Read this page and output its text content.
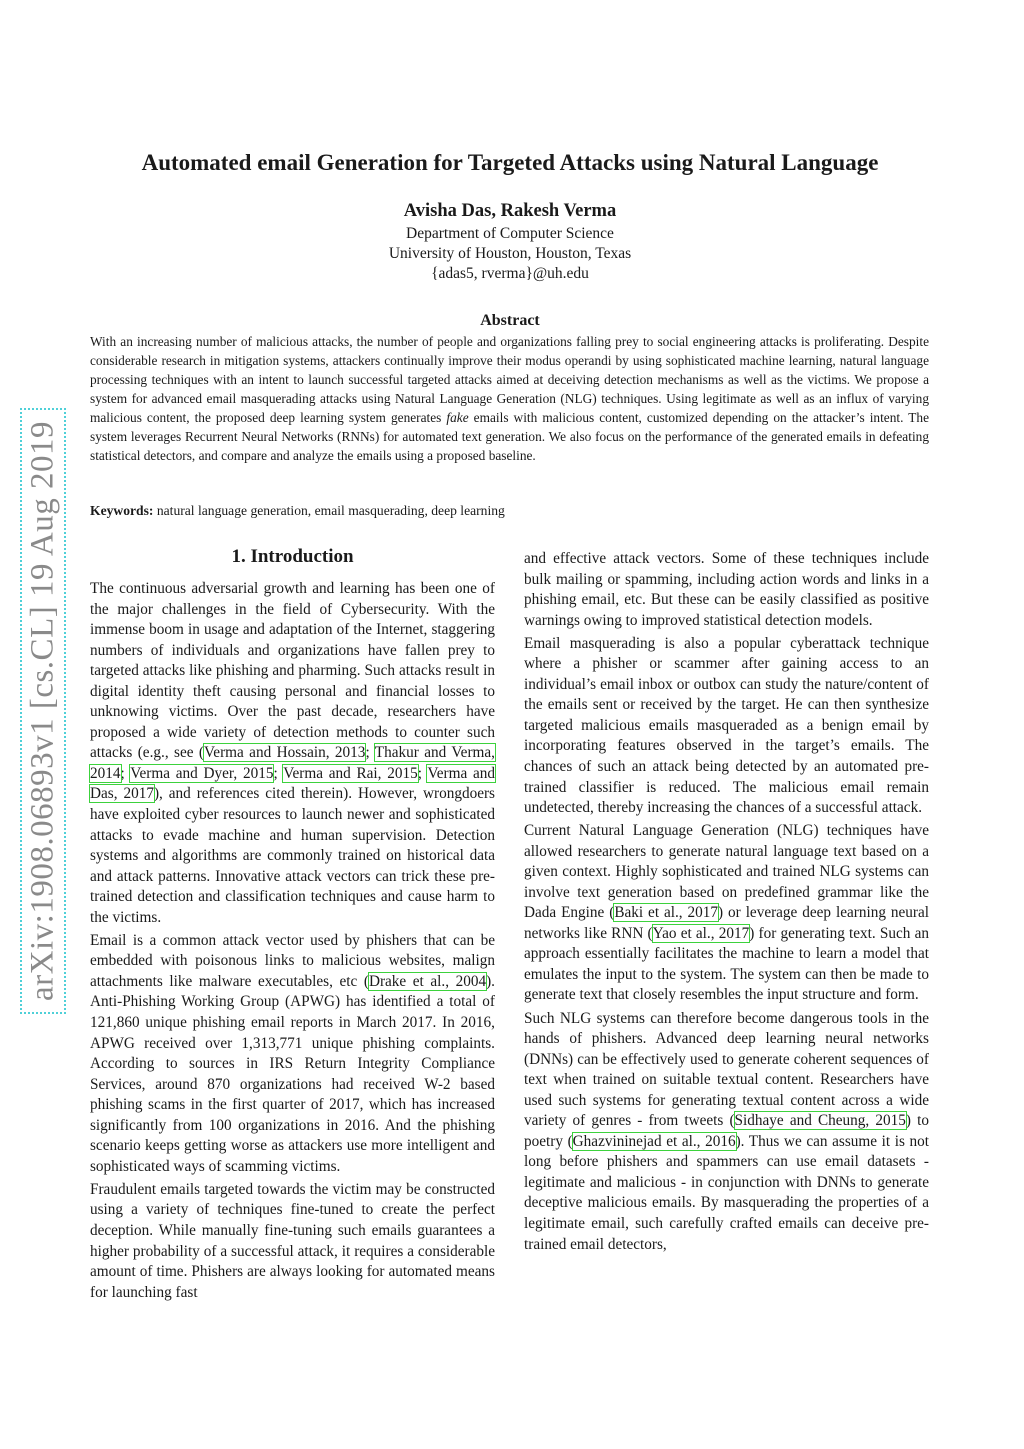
arXiv:1908.06893v1 [cs.CL] 19 Aug 2019
Automated email Generation for Targeted Attacks using Natural Language
Avisha Das, Rakesh Verma
Department of Computer Science
University of Houston, Houston, Texas
{adas5, rverma}@uh.edu
Abstract
With an increasing number of malicious attacks, the number of people and organizations falling prey to social engineering attacks is proliferating. Despite considerable research in mitigation systems, attackers continually improve their modus operandi by using sophisticated machine learning, natural language processing techniques with an intent to launch successful targeted attacks aimed at deceiving detection mechanisms as well as the victims. We propose a system for advanced email masquerading attacks using Natural Language Generation (NLG) techniques. Using legitimate as well as an influx of varying malicious content, the proposed deep learning system generates fake emails with malicious content, customized depending on the attacker’s intent. The system leverages Recurrent Neural Networks (RNNs) for automated text generation. We also focus on the performance of the generated emails in defeating statistical detectors, and compare and analyze the emails using a proposed baseline.
Keywords: natural language generation, email masquerading, deep learning
1. Introduction

The continuous adversarial growth and learning has been one of the major challenges in the field of Cybersecurity. With the immense boom in usage and adaptation of the Internet, staggering numbers of individuals and organizations have fallen prey to targeted attacks like phishing and pharming. Such attacks result in digital identity theft causing personal and financial losses to unknowing victims. Over the past decade, researchers have proposed a wide variety of detection methods to counter such attacks (e.g., see (Verma and Hossain, 2013; Thakur and Verma, 2014; Verma and Dyer, 2015; Verma and Rai, 2015; Verma and Das, 2017), and references cited therein). However, wrongdoers have exploited cyber resources to launch newer and sophisticated attacks to evade machine and human supervision. Detection systems and algorithms are commonly trained on historical data and attack patterns. Innovative attack vectors can trick these pre-trained detection and classification techniques and cause harm to the victims.

Email is a common attack vector used by phishers that can be embedded with poisonous links to malicious websites, malign attachments like malware executables, etc (Drake et al., 2004). Anti-Phishing Working Group (APWG) has identified a total of 121,860 unique phishing email reports in March 2017. In 2016, APWG received over 1,313,771 unique phishing complaints. According to sources in IRS Return Integrity Compliance Services, around 870 organizations had received W-2 based phishing scams in the first quarter of 2017, which has increased significantly from 100 organizations in 2016. And the phishing scenario keeps getting worse as attackers use more intelligent and sophisticated ways of scamming victims.

Fraudulent emails targeted towards the victim may be constructed using a variety of techniques fine-tuned to create the perfect deception. While manually fine-tuning such emails guarantees a higher probability of a successful attack, it requires a considerable amount of time. Phishers are always looking for automated means for launching fast

and effective attack vectors. Some of these techniques include bulk mailing or spamming, including action words and links in a phishing email, etc. But these can be easily classified as positive warnings owing to improved statistical detection models.

Email masquerading is also a popular cyberattack technique where a phisher or scammer after gaining access to an individual’s email inbox or outbox can study the nature/content of the emails sent or received by the target. He can then synthesize targeted malicious emails masqueraded as a benign email by incorporating features observed in the target’s emails. The chances of such an attack being detected by an automated pre-trained classifier is reduced. The malicious email remain undetected, thereby increasing the chances of a successful attack.

Current Natural Language Generation (NLG) techniques have allowed researchers to generate natural language text based on a given context. Highly sophisticated and trained NLG systems can involve text generation based on predefined grammar like the Dada Engine (Baki et al., 2017) or leverage deep learning neural networks like RNN (Yao et al., 2017) for generating text. Such an approach essentially facilitates the machine to learn a model that emulates the input to the system. The system can then be made to generate text that closely resembles the input structure and form.

Such NLG systems can therefore become dangerous tools in the hands of phishers. Advanced deep learning neural networks (DNNs) can be effectively used to generate coherent sequences of text when trained on suitable textual content. Researchers have used such systems for generating textual content across a wide variety of genres - from tweets (Sidhaye and Cheung, 2015) to poetry (Ghazvininejad et al., 2016). Thus we can assume it is not long before phishers and spammers can use email datasets - legitimate and malicious - in conjunction with DNNs to generate deceptive malicious emails. By masquerading the properties of a legitimate email, such carefully crafted emails can deceive pre-trained email detectors,
